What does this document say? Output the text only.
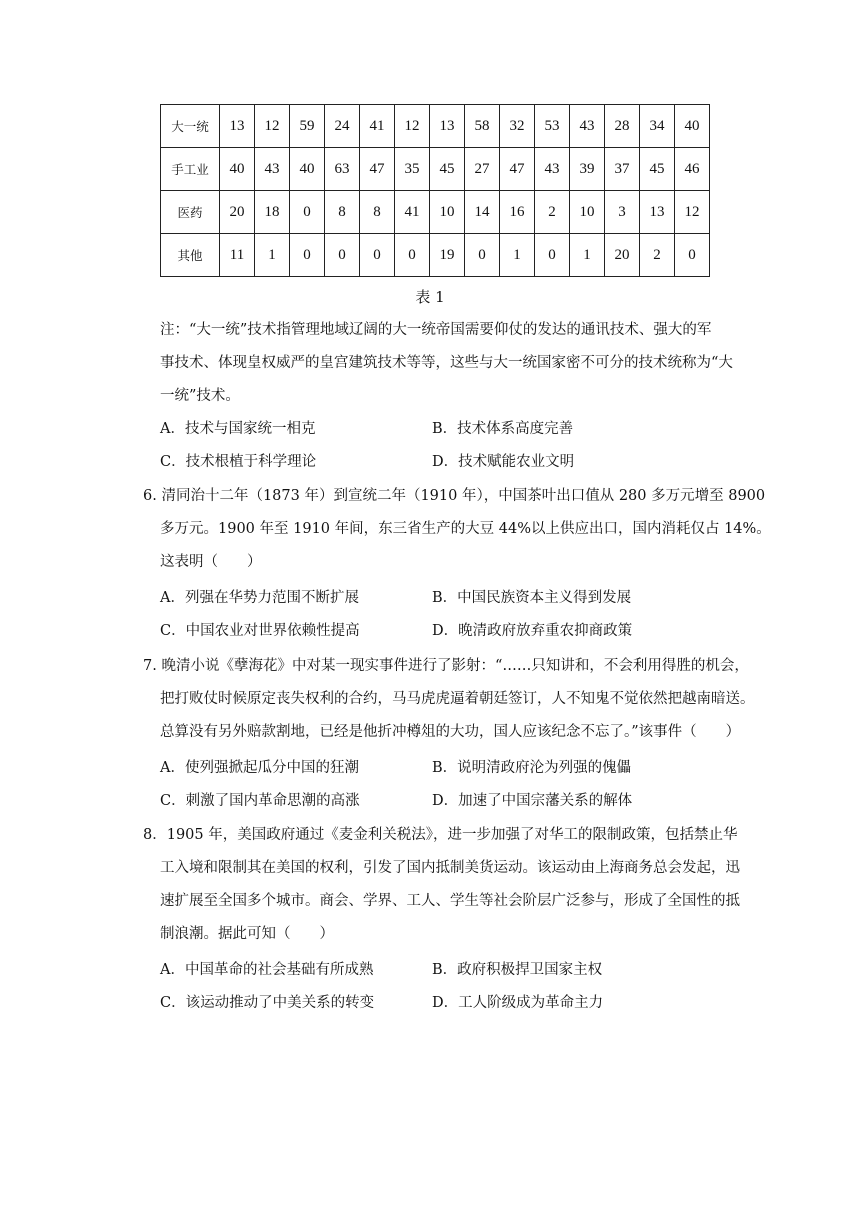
大一统	13	12	59	24	41	12	13	58	32	53	43	28	34	40
手工业	40	43	40	63	47	35	45	27	47	43	39	37	45	46
医药	20	18	0	8	8	41	10	14	16	2	10	3	13	12
其他	11	1	0	0	0	0	19	0	1	0	1	20	2	0
表 1
注：“大一统”技术指管理地域辽阔的大一统帝国需要仰仗的发达的通讯技术、强大的军
事技术、体现皇权威严的皇宫建筑技术等等，这些与大一统国家密不可分的技术统称为“大
一统”技术。
A．技术与国家统一相克	B．技术体系高度完善
C．技术根植于科学理论	D．技术赋能农业文明
6. 清同治十二年（1873 年）到宣统二年（1910 年），中国茶叶出口值从 280 多万元增至 8900
多万元。1900 年至 1910 年间，东三省生产的大豆 44%以上供应出口，国内消耗仅占 14%。
这表明（　　）
A．列强在华势力范围不断扩展	B．中国民族资本主义得到发展
C．中国农业对世界依赖性提高	D．晚清政府放弃重农抑商政策
7. 晚清小说《孽海花》中对某一现实事件进行了影射：“……只知讲和，不会利用得胜的机会，
把打败仗时候原定丧失权利的合约，马马虎虎逼着朝廷签订，人不知鬼不觉依然把越南暗送。
总算没有另外赔款割地，已经是他折冲樽俎的大功，国人应该纪念不忘了。”该事件（　　）
A．使列强掀起瓜分中国的狂潮	B．说明清政府沦为列强的傀儡
C．刺激了国内革命思潮的高涨	D．加速了中国宗藩关系的解体
8．1905 年，美国政府通过《麦金利关税法》，进一步加强了对华工的限制政策，包括禁止华
工入境和限制其在美国的权利，引发了国内抵制美货运动。该运动由上海商务总会发起，迅
速扩展至全国多个城市。商会、学界、工人、学生等社会阶层广泛参与，形成了全国性的抵
制浪潮。据此可知（　　）
A．中国革命的社会基础有所成熟	B．政府积极捍卫国家主权
C．该运动推动了中美关系的转变	D．工人阶级成为革命主力
